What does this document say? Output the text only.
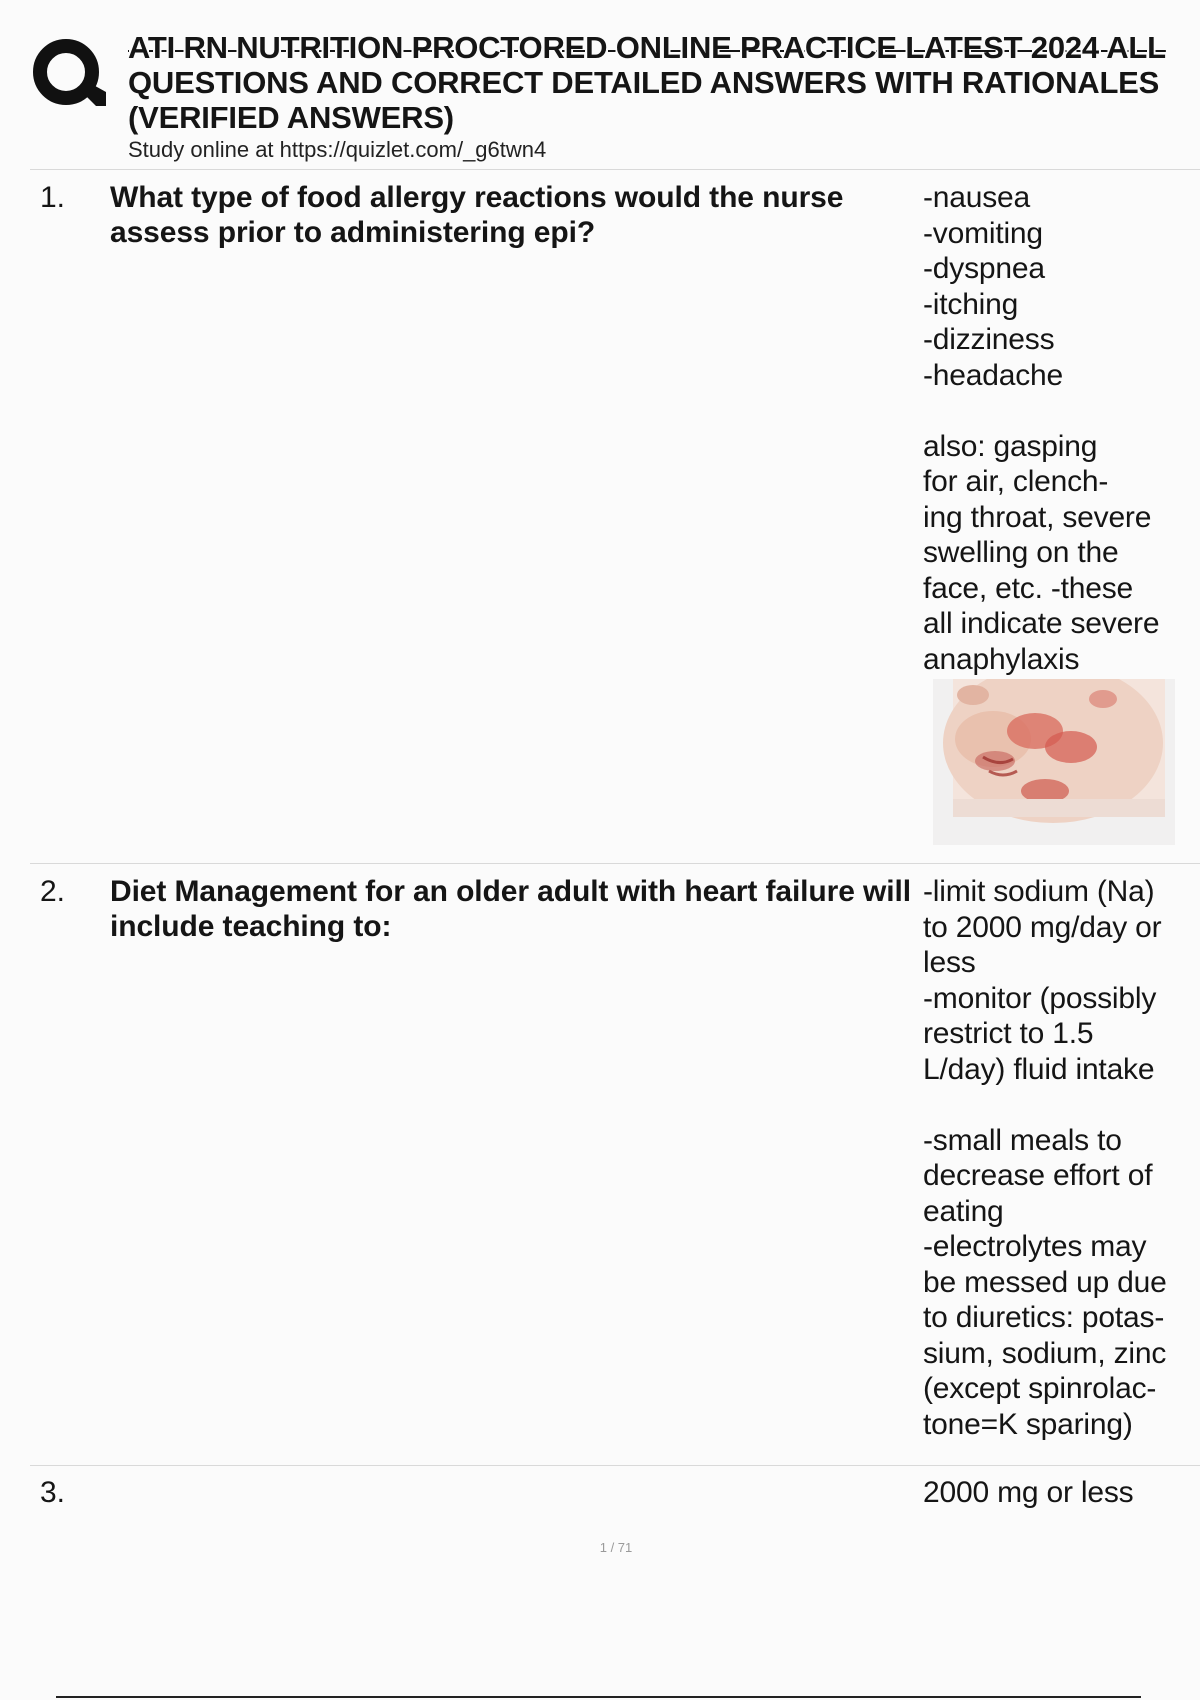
ATI RN NUTRITION PROCTORED ONLINE PRACTICE LATEST 2024 ALL
QUESTIONS AND CORRECT DETAILED ANSWERS WITH RATIONALES
(VERIFIED ANSWERS)
Study online at https://quizlet.com/_g6twn4
1. What type of food allergy reactions would the nurse assess prior to administering epi?
-nausea
-vomiting
-dyspnea
-itching
-dizziness
-headache

also: gasping
for air, clench-
ing throat, severe
swelling on the
face, etc. -these
all indicate severe
anaphylaxis
2. Diet Management for an older adult with heart failure will include teaching to:
-limit sodium (Na)
to 2000 mg/day or
less
-monitor (possibly
restrict to 1.5
L/day) fluid intake

-small meals to
decrease effort of
eating
-electrolytes may
be messed up due
to diuretics: potas-
sium, sodium, zinc
(except spinrolac-
tone=K sparing)
3.	2000 mg or less
1 / 71
